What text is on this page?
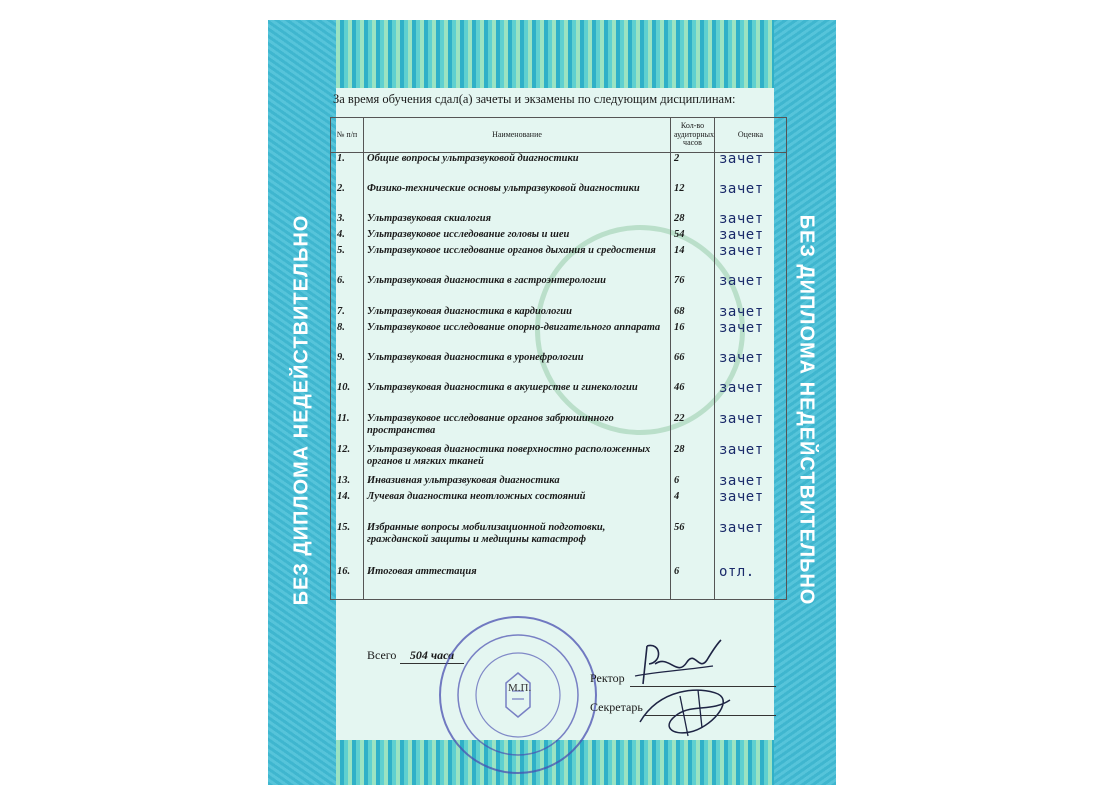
БЕЗ ДИПЛОМА НЕДЕЙСТВИТЕЛЬНО	БЕЗ ДИПЛОМА НЕДЕЙСТВИТЕЛЬНО
За время обучения сдал(а) зачеты и экзамены по следующим дисциплинам:
№ п/п	Наименование	Кол-во аудиторных часов	Оценка
1.	Общие вопросы ультразвуковой диагностики	2	зачет
2.	Физико-технические основы ультразвуковой диагностики	12	зачет
3.	Ультразвуковая скиалогия	28	зачет
4.	Ультразвуковое исследование головы и шеи	54	зачет
5.	Ультразвуковое исследование органов дыхания и средостения	14	зачет
6.	Ультразвуковая диагностика в гастроэнтерологии	76	зачет
7.	Ультразвуковая диагностика в кардиологии	68	зачет
8.	Ультразвуковое исследование опорно-двигательного аппарата	16	зачет
9.	Ультразвуковая диагностика в уронефрологии	66	зачет
10.	Ультразвуковая диагностика в акушерстве и гинекологии	46	зачет
11.	Ультразвуковое исследование органов забрюшинного пространства	22	зачет
12.	Ультразвуковая диагностика поверхностно расположенных органов и мягких тканей	28	зачет
13.	Инвазивная ультразвуковая диагностика	6	зачет
14.	Лучевая диагностика неотложных состояний	4	зачет
15.	Избранные вопросы мобилизационной подготовки, гражданской защиты и медицины катастроф	56	зачет
16.	Итоговая аттестация	6	отл.
Всего	504 часа
М.П.
Ректор
Секретарь
